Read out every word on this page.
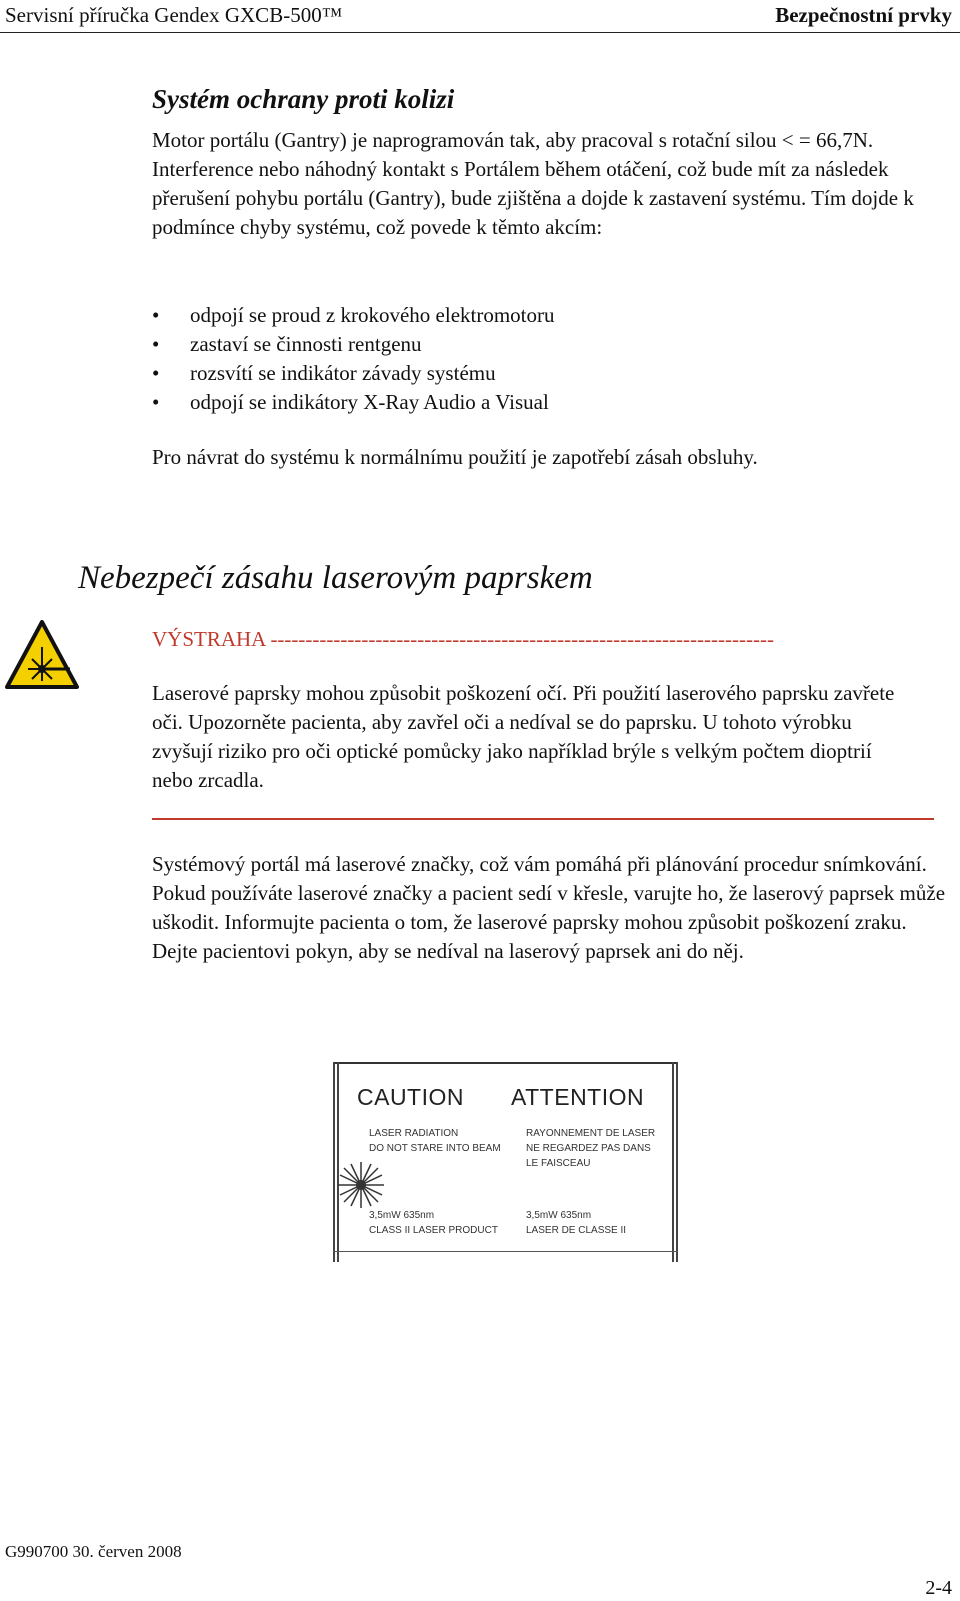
Servisní příručka Gendex GXCB-500™	Bezpečnostní prvky
Systém ochrany proti kolizi
Motor portálu (Gantry) je naprogramován tak, aby pracoval s rotační silou < = 66,7N. Interference nebo náhodný kontakt s Portálem během otáčení, což bude mít za následek přerušení pohybu portálu (Gantry), bude zjištěna a dojde k zastavení systému. Tím dojde k podmínce chyby systému, což povede k těmto akcím:
• odpojí se proud z krokového elektromotoru
• zastaví se činnosti rentgenu
• rozsvítí se indikátor závady systému
• odpojí se indikátory X-Ray Audio a Visual
Pro návrat do systému k normálnímu použití je zapotřebí zásah obsluhy.
Nebezpečí zásahu laserovým paprskem
VÝSTRAHA ------------------------------------------------------------------------
Laserové paprsky mohou způsobit poškození očí. Při použití laserového paprsku zavřete oči. Upozorněte pacienta, aby zavřel oči a nedíval se do paprsku. U tohoto výrobku zvyšují riziko pro oči optické pomůcky jako například brýle s velkým počtem dioptrií nebo zrcadla.
Systémový portál má laserové značky, což vám pomáhá při plánování procedur snímkování. Pokud používáte laserové značky a pacient sedí v křesle, varujte ho, že laserový paprsek může uškodit. Informujte pacienta o tom, že laserové paprsky mohou způsobit poškození zraku. Dejte pacientovi pokyn, aby se nedíval na laserový paprsek ani do něj.
CAUTION ATTENTION
LASER RADIATION
DO NOT STARE INTO BEAM
RAYONNEMENT DE LASER
NE REGARDEZ PAS DANS
LE FAISCEAU
3,5mW 635nm
CLASS II LASER PRODUCT
3,5mW 635nm
LASER DE CLASSE II
G990700 30. červen 2008
2-4
